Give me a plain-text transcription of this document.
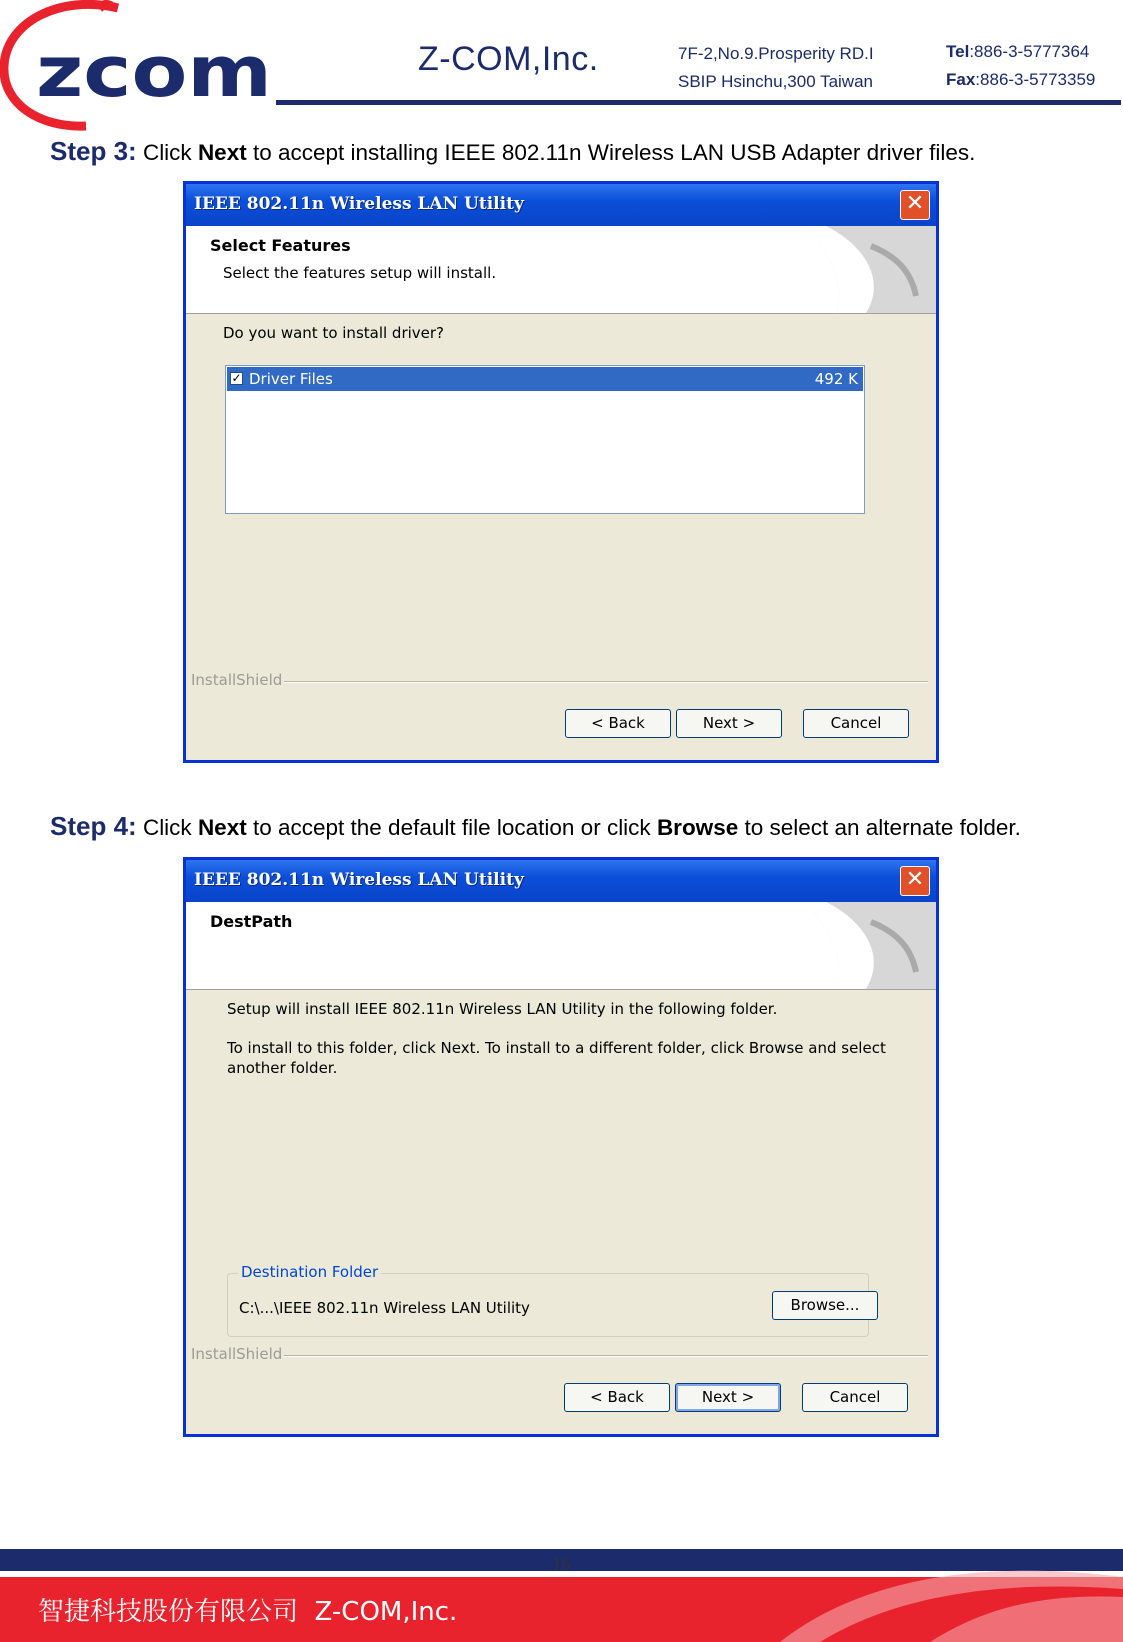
zcom	Z-COM,Inc.	7F-2,No.9.Prosperity RD.I
SBIP Hsinchu,300 Taiwan
Tel:886-3-5777364
Fax:886-3-5773359
Step 3: Click Next to accept installing IEEE 802.11n Wireless LAN USB Adapter driver files.
IEEE 802.11n Wireless LAN Utility	✕
Select Features
Select the features setup will install.
Do you want to install driver?
✓ Driver Files	492 K
InstallShield
< Back	Next >	Cancel
Step 4: Click Next to accept the default file location or click Browse to select an alternate folder.
IEEE 802.11n Wireless LAN Utility	✕
DestPath
Setup will install IEEE 802.11n Wireless LAN Utility in the following folder.
To install to this folder, click Next. To install to a different folder, click Browse and select
another folder.
Destination Folder
C:\...\IEEE 802.11n Wireless LAN Utility	Browse...
InstallShield
< Back	Next >	Cancel
16
智捷科技股份有限公司 Z-COM,Inc.
